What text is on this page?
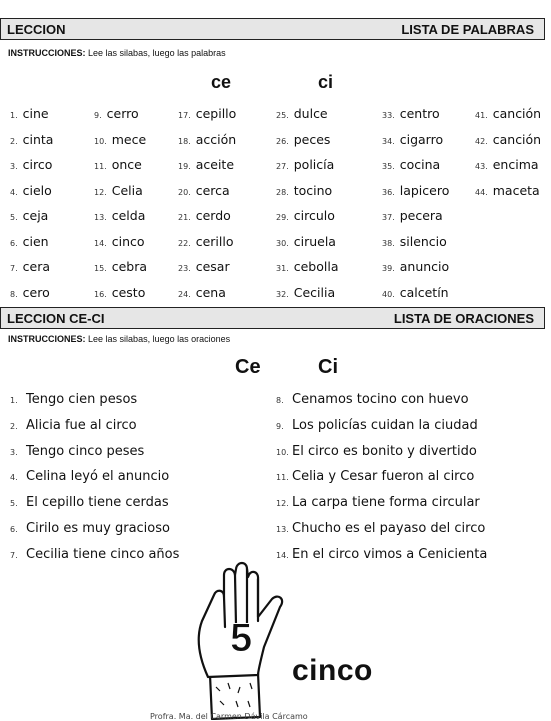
LECCION	LISTA DE PALABRAS
INSTRUCCIONES: Lee las silabas, luego las palabras
ce	ci
1. cine
2. cinta
3. circo
4. cielo
5. ceja
6. cien
7. cera
8. cero
9. cerro
10. mece
11. once
12. Celia
13. celda
14. cinco
15. cebra
16. cesto
17. cepillo
18. acción
19. aceite
20. cerca
21. cerdo
22. cerillo
23. cesar
24. cena
25. dulce
26. peces
27. policía
28. tocino
29. circulo
30. ciruela
31. cebolla
32. Cecilia
33. centro
34. cigarro
35. cocina
36. lapicero
37. pecera
38. silencio
39. anuncio
40. calcetín
41. canción
42. canción
43. encima
44. maceta
LECCION CE-CI	LISTA DE ORACIONES
INSTRUCCIONES: Lee las silabas, luego las oraciones
Ce	Ci
1. Tengo cien pesos
2. Alicia fue al circo
3. Tengo cinco peses
4. Celina leyó el anuncio
5. El cepillo tiene cerdas
6. Cirilo es muy gracioso
7. Cecilia tiene cinco años
8. Cenamos tocino con huevo
9. Los policías cuidan la ciudad
10. El circo es bonito y divertido
11. Celia y Cesar fueron al circo
12. La carpa tiene forma circular
13. Chucho es el payaso del circo
14. En el circo vimos a Cenicienta
5
cinco
Profra. Ma. del Carmen Dávila Cárcamo
